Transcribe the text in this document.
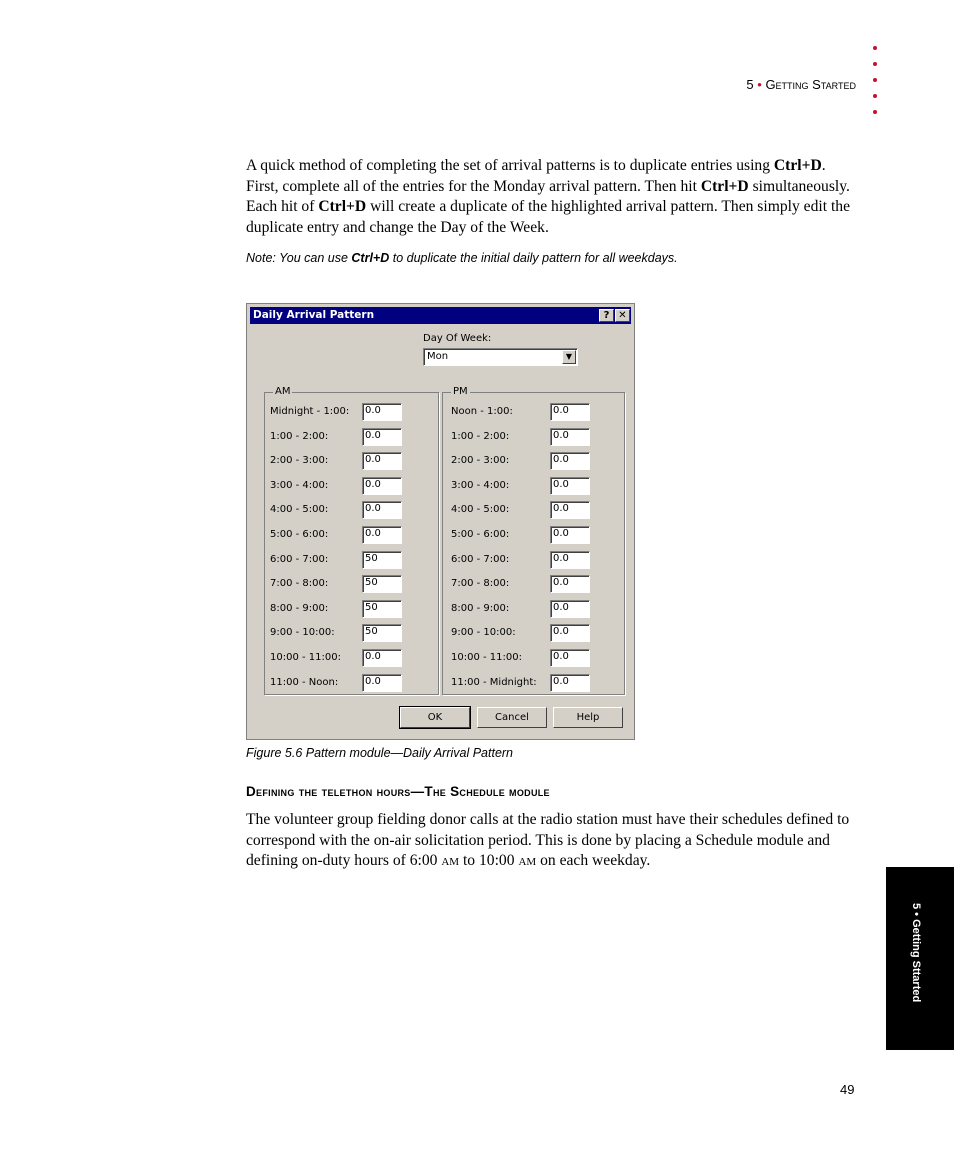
5 • Getting Started

A quick method of completing the set of arrival patterns is to duplicate entries using Ctrl+D. First, complete all of the entries for the Monday arrival pattern. Then hit Ctrl+D simultaneously. Each hit of Ctrl+D will create a duplicate of the highlighted arrival pattern. Then simply edit the duplicate entry and change the Day of the Week.

Note: You can use Ctrl+D to duplicate the initial daily pattern for all weekdays.
Daily Arrival Pattern	? ✕
Day Of Week:
Mon	▼
AM
Midnight - 1:00:	0.0
1:00 - 2:00:	0.0
2:00 - 3:00:	0.0
3:00 - 4:00:	0.0
4:00 - 5:00:	0.0
5:00 - 6:00:	0.0
6:00 - 7:00:	50
7:00 - 8:00:	50
8:00 - 9:00:	50
9:00 - 10:00:	50
10:00 - 11:00:	0.0
11:00 - Noon:	0.0
PM
Noon - 1:00:	0.0
1:00 - 2:00:	0.0
2:00 - 3:00:	0.0
3:00 - 4:00:	0.0
4:00 - 5:00:	0.0
5:00 - 6:00:	0.0
6:00 - 7:00:	0.0
7:00 - 8:00:	0.0
8:00 - 9:00:	0.0
9:00 - 10:00:	0.0
10:00 - 11:00:	0.0
11:00 - Midnight:	0.0
OK	Cancel	Help
Figure 5.6 Pattern module—Daily Arrival Pattern
Defining the telethon hours—The Schedule module

The volunteer group fielding donor calls at the radio station must have their schedules defined to correspond with the on-air solicitation period. This is done by placing a Schedule module and defining on-duty hours of 6:00 am to 10:00 am on each weekday.

5 • Getting Sttarted
49
